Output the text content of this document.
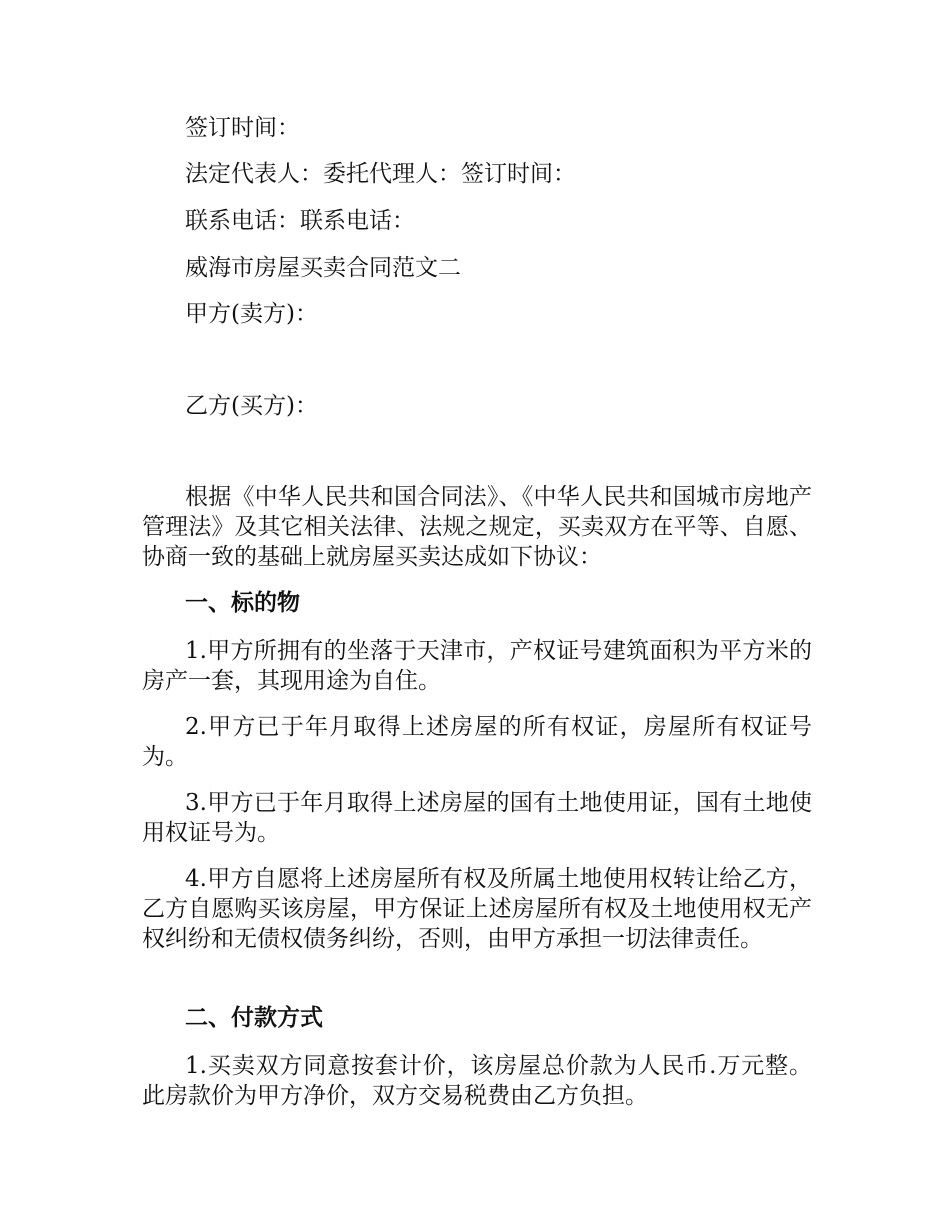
签订时间：
法定代表人：委托代理人：签订时间：
联系电话：联系电话：
威海市房屋买卖合同范文二
甲方(卖方)：
乙方(买方)：
根据《中华人民共和国合同法》、《中华人民共和国城市房地产管理法》及其它相关法律、法规之规定，买卖双方在平等、自愿、协商一致的基础上就房屋买卖达成如下协议：
一、标的物
1.甲方所拥有的坐落于天津市，产权证号建筑面积为平方米的房产一套，其现用途为自住。
2.甲方已于年月取得上述房屋的所有权证，房屋所有权证号为。
3.甲方已于年月取得上述房屋的国有土地使用证，国有土地使用权证号为。
4.甲方自愿将上述房屋所有权及所属土地使用权转让给乙方，乙方自愿购买该房屋，甲方保证上述房屋所有权及土地使用权无产权纠纷和无债权债务纠纷，否则，由甲方承担一切法律责任。
二、付款方式
1.买卖双方同意按套计价，该房屋总价款为人民币.万元整。此房款价为甲方净价，双方交易税费由乙方负担。
